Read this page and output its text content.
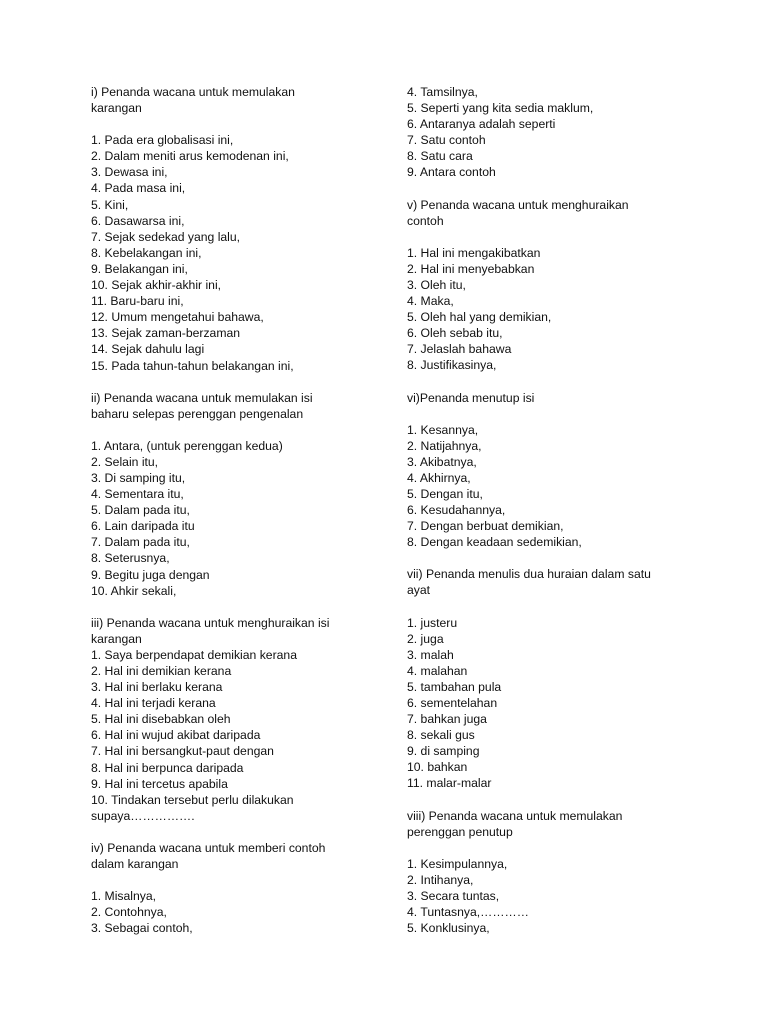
i) Penanda wacana untuk memulakan
karangan
1. Pada era globalisasi ini,
2. Dalam meniti arus kemodenan ini,
3. Dewasa ini,
4. Pada masa ini,
5. Kini,
6. Dasawarsa ini,
7. Sejak sedekad yang lalu,
8. Kebelakangan ini,
9. Belakangan ini,
10. Sejak akhir-akhir ini,
11. Baru-baru ini,
12. Umum mengetahui bahawa,
13. Sejak zaman-berzaman
14. Sejak dahulu lagi
15. Pada tahun-tahun belakangan ini,
ii) Penanda wacana untuk memulakan isi
baharu selepas perenggan pengenalan
1. Antara, (untuk perenggan kedua)
2. Selain itu,
3. Di samping itu,
4. Sementara itu,
5. Dalam pada itu,
6. Lain daripada itu
7. Dalam pada itu,
8. Seterusnya,
9. Begitu juga dengan
10. Ahkir sekali,
iii) Penanda wacana untuk menghuraikan isi
karangan
1. Saya berpendapat demikian kerana
2. Hal ini demikian kerana
3. Hal ini berlaku kerana
4. Hal ini terjadi kerana
5. Hal ini disebabkan oleh
6. Hal ini wujud akibat daripada
7. Hal ini bersangkut-paut dengan
8. Hal ini berpunca daripada
9. Hal ini tercetus apabila
10. Tindakan tersebut perlu dilakukan
supaya…………….
iv) Penanda wacana untuk memberi contoh
dalam karangan
1. Misalnya,
2. Contohnya,
3. Sebagai contoh,
4. Tamsilnya,
5. Seperti yang kita sedia maklum,
6. Antaranya adalah seperti
7. Satu contoh
8. Satu cara
9. Antara contoh
v) Penanda wacana untuk menghuraikan
contoh
1. Hal ini mengakibatkan
2. Hal ini menyebabkan
3. Oleh itu,
4. Maka,
5. Oleh hal yang demikian,
6. Oleh sebab itu,
7. Jelaslah bahawa
8. Justifikasinya,
vi)Penanda menutup isi
1. Kesannya,
2. Natijahnya,
3. Akibatnya,
4. Akhirnya,
5. Dengan itu,
6. Kesudahannya,
7. Dengan berbuat demikian,
8. Dengan keadaan sedemikian,
vii) Penanda menulis dua huraian dalam satu
ayat
1. justeru
2. juga
3. malah
4. malahan
5. tambahan pula
6. sementelahan
7. bahkan juga
8. sekali gus
9. di samping
10. bahkan
11. malar-malar
viii) Penanda wacana untuk memulakan
perenggan penutup
1. Kesimpulannya,
2. Intihanya,
3. Secara tuntas,
4. Tuntasnya,…………
5. Konklusinya,
